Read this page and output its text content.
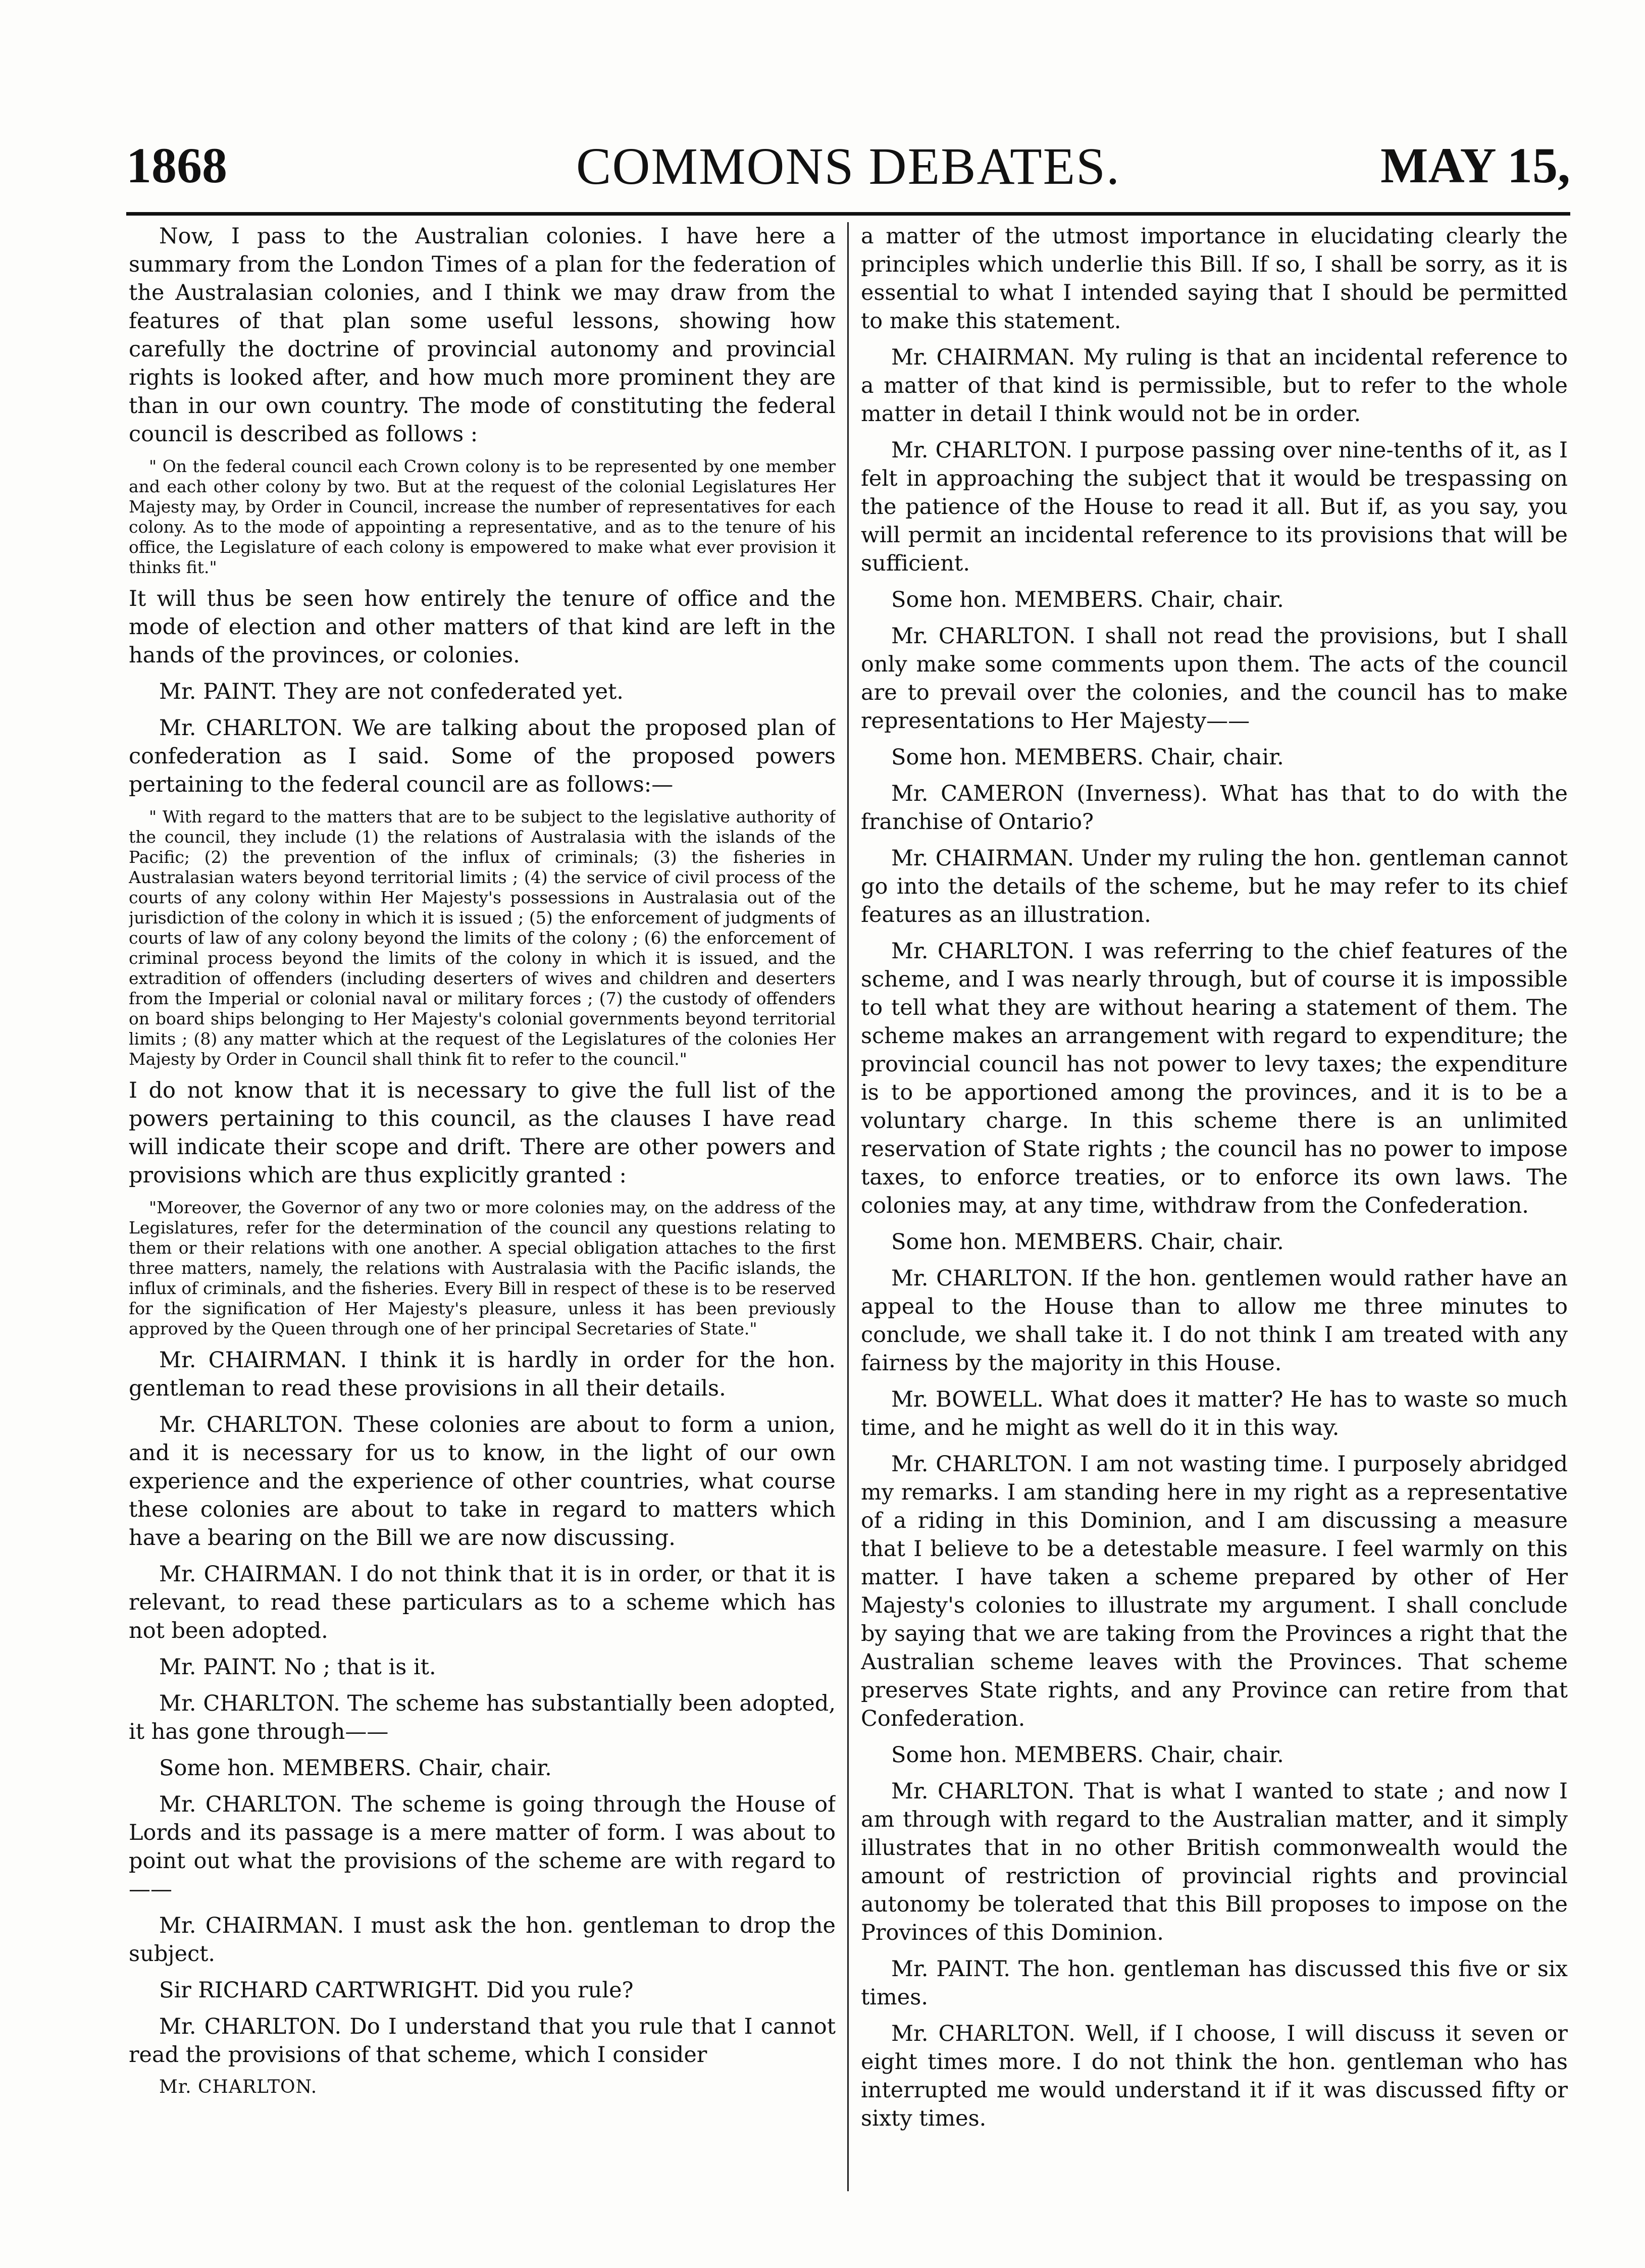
1868	COMMONS DEBATES.	MAY 15,

Now, I pass to the Australian colonies. I have here a summary from the London Times of a plan for the federation of the Australasian colonies, and I think we may draw from the features of that plan some useful lessons, showing how carefully the doctrine of provincial autonomy and provincial rights is looked after, and how much more prominent they are than in our own country. The mode of constituting the federal council is described as follows :

" On the federal council each Crown colony is to be represented by one member and each other colony by two. But at the request of the colonial Legislatures Her Majesty may, by Order in Council, increase the number of representatives for each colony. As to the mode of appointing a representative, and as to the tenure of his office, the Legislature of each colony is empowered to make what ever provision it thinks fit."

It will thus be seen how entirely the tenure of office and the mode of election and other matters of that kind are left in the hands of the provinces, or colonies.

Mr. PAINT. They are not confederated yet.

Mr. CHARLTON. We are talking about the proposed plan of confederation as I said. Some of the proposed powers pertaining to the federal council are as follows:—

" With regard to the matters that are to be subject to the legislative authority of the council, they include (1) the relations of Australasia with the islands of the Pacific; (2) the prevention of the influx of criminals; (3) the fisheries in Australasian waters beyond territorial limits ; (4) the service of civil process of the courts of any colony within Her Majesty's possessions in Australasia out of the jurisdiction of the colony in which it is issued ; (5) the enforcement of judgments of courts of law of any colony beyond the limits of the colony ; (6) the enforcement of criminal process beyond the limits of the colony in which it is issued, and the extradition of offenders (including deserters of wives and children and deserters from the Imperial or colonial naval or military forces ; (7) the custody of offenders on board ships belonging to Her Majesty's colonial governments beyond territorial limits ; (8) any matter which at the request of the Legislatures of the colonies Her Majesty by Order in Council shall think fit to refer to the council."

I do not know that it is necessary to give the full list of the powers pertaining to this council, as the clauses I have read will indicate their scope and drift. There are other powers and provisions which are thus explicitly granted :

"Moreover, the Governor of any two or more colonies may, on the address of the Legislatures, refer for the determination of the council any questions relating to them or their relations with one another. A special obligation attaches to the first three matters, namely, the relations with Australasia with the Pacific islands, the influx of criminals, and the fisheries. Every Bill in respect of these is to be reserved for the signification of Her Majesty's pleasure, unless it has been previously approved by the Queen through one of her principal Secretaries of State."

Mr. CHAIRMAN. I think it is hardly in order for the hon. gentleman to read these provisions in all their details.

Mr. CHARLTON. These colonies are about to form a union, and it is necessary for us to know, in the light of our own experience and the experience of other countries, what course these colonies are about to take in regard to matters which have a bearing on the Bill we are now discussing.

Mr. CHAIRMAN. I do not think that it is in order, or that it is relevant, to read these particulars as to a scheme which has not been adopted.

Mr. PAINT. No ; that is it.

Mr. CHARLTON. The scheme has substantially been adopted, it has gone through——

Some hon. MEMBERS. Chair, chair.

Mr. CHARLTON. The scheme is going through the House of Lords and its passage is a mere matter of form. I was about to point out what the provisions of the scheme are with regard to——

Mr. CHAIRMAN. I must ask the hon. gentleman to drop the subject.

Sir RICHARD CARTWRIGHT. Did you rule?

Mr. CHARLTON. Do I understand that you rule that I cannot read the provisions of that scheme, which I consider

Mr. CHARLTON.

a matter of the utmost importance in elucidating clearly the principles which underlie this Bill. If so, I shall be sorry, as it is essential to what I intended saying that I should be permitted to make this statement.

Mr. CHAIRMAN. My ruling is that an incidental reference to a matter of that kind is permissible, but to refer to the whole matter in detail I think would not be in order.

Mr. CHARLTON. I purpose passing over nine-tenths of it, as I felt in approaching the subject that it would be trespassing on the patience of the House to read it all. But if, as you say, you will permit an incidental reference to its provisions that will be sufficient.

Some hon. MEMBERS. Chair, chair.

Mr. CHARLTON. I shall not read the provisions, but I shall only make some comments upon them. The acts of the council are to prevail over the colonies, and the council has to make representations to Her Majesty——

Some hon. MEMBERS. Chair, chair.

Mr. CAMERON (Inverness). What has that to do with the franchise of Ontario?

Mr. CHAIRMAN. Under my ruling the hon. gentleman cannot go into the details of the scheme, but he may refer to its chief features as an illustration.

Mr. CHARLTON. I was referring to the chief features of the scheme, and I was nearly through, but of course it is impossible to tell what they are without hearing a statement of them. The scheme makes an arrangement with regard to expenditure; the provincial council has not power to levy taxes; the expenditure is to be apportioned among the provinces, and it is to be a voluntary charge. In this scheme there is an unlimited reservation of State rights ; the council has no power to impose taxes, to enforce treaties, or to enforce its own laws. The colonies may, at any time, withdraw from the Confederation.

Some hon. MEMBERS. Chair, chair.

Mr. CHARLTON. If the hon. gentlemen would rather have an appeal to the House than to allow me three minutes to conclude, we shall take it. I do not think I am treated with any fairness by the majority in this House.

Mr. BOWELL. What does it matter? He has to waste so much time, and he might as well do it in this way.

Mr. CHARLTON. I am not wasting time. I purposely abridged my remarks. I am standing here in my right as a representative of a riding in this Dominion, and I am discussing a measure that I believe to be a detestable measure. I feel warmly on this matter. I have taken a scheme prepared by other of Her Majesty's colonies to illustrate my argument. I shall conclude by saying that we are taking from the Provinces a right that the Australian scheme leaves with the Provinces. That scheme preserves State rights, and any Province can retire from that Confederation.

Some hon. MEMBERS. Chair, chair.

Mr. CHARLTON. That is what I wanted to state ; and now I am through with regard to the Australian matter, and it simply illustrates that in no other British commonwealth would the amount of restriction of provincial rights and provincial autonomy be tolerated that this Bill proposes to impose on the Provinces of this Dominion.

Mr. PAINT. The hon. gentleman has discussed this five or six times.

Mr. CHARLTON. Well, if I choose, I will discuss it seven or eight times more. I do not think the hon. gentleman who has interrupted me would understand it if it was discussed fifty or sixty times.
